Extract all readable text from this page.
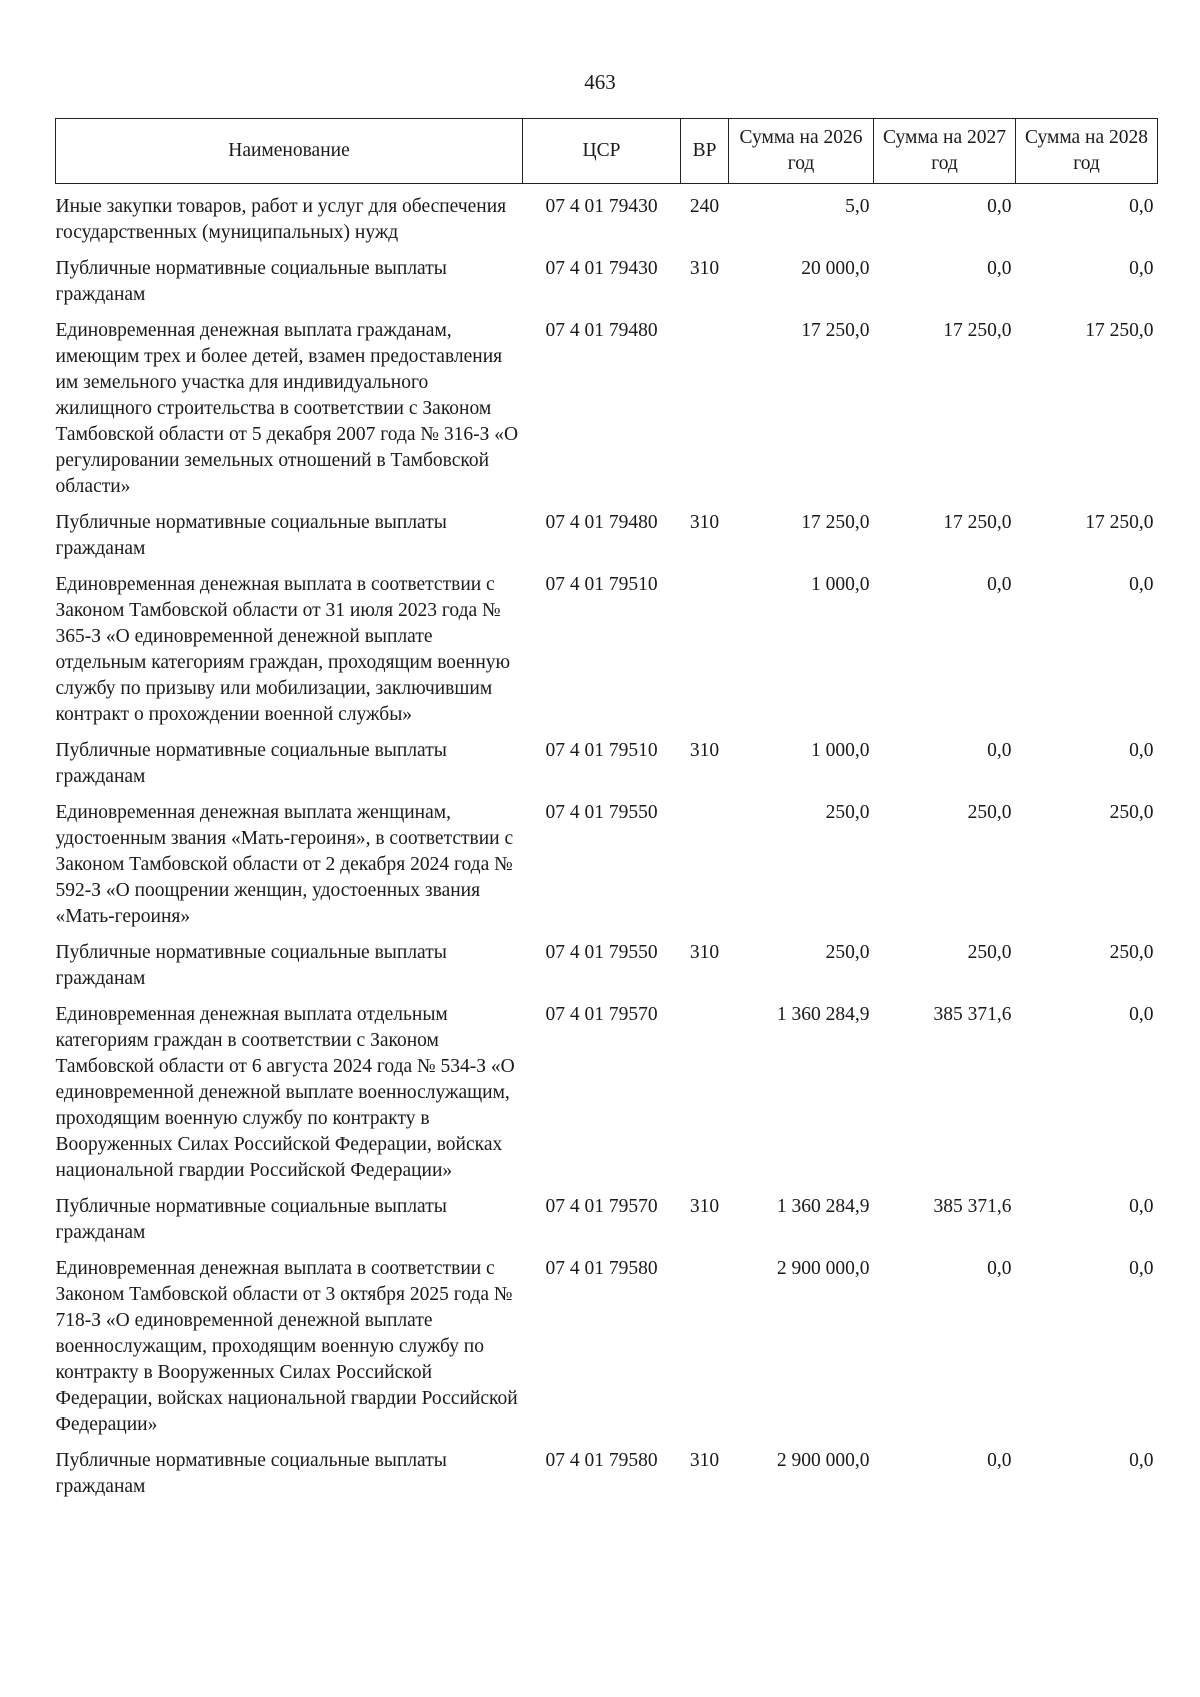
463
Наименование	ЦСР	ВР	Сумма на 2026 год	Сумма на 2027 год	Сумма на 2028 год
Иные закупки товаров, работ и услуг для обеспечения государственных (муниципальных) нужд	07 4 01 79430	240	5,0	0,0	0,0
Публичные нормативные социальные выплаты гражданам	07 4 01 79430	310	20 000,0	0,0	0,0
Единовременная денежная выплата гражданам, имеющим трех и более детей, взамен предоставления им земельного участка для индивидуального жилищного строительства в соответствии с Законом Тамбовской области от 5 декабря 2007 года № 316-З «О регулировании земельных отношений в Тамбовской области»	07 4 01 79480		17 250,0	17 250,0	17 250,0
Публичные нормативные социальные выплаты гражданам	07 4 01 79480	310	17 250,0	17 250,0	17 250,0
Единовременная денежная выплата в соответствии с Законом Тамбовской области от 31 июля 2023 года № 365-З «О единовременной денежной выплате отдельным категориям граждан, проходящим военную службу по призыву или мобилизации, заключившим контракт о прохождении военной службы»	07 4 01 79510		1 000,0	0,0	0,0
Публичные нормативные социальные выплаты гражданам	07 4 01 79510	310	1 000,0	0,0	0,0
Единовременная денежная выплата женщинам, удостоенным звания «Мать-героиня», в соответствии с Законом Тамбовской области от 2 декабря 2024 года № 592-З «О поощрении женщин, удостоенных звания «Мать-героиня»	07 4 01 79550		250,0	250,0	250,0
Публичные нормативные социальные выплаты гражданам	07 4 01 79550	310	250,0	250,0	250,0
Единовременная денежная выплата отдельным категориям граждан в соответствии с Законом Тамбовской области от 6 августа 2024 года № 534-З «О единовременной денежной выплате военнослужащим, проходящим военную службу по контракту в Вооруженных Силах Российской Федерации, войсках национальной гвардии Российской Федерации»	07 4 01 79570		1 360 284,9	385 371,6	0,0
Публичные нормативные социальные выплаты гражданам	07 4 01 79570	310	1 360 284,9	385 371,6	0,0
Единовременная денежная выплата в соответствии с Законом Тамбовской области от 3 октября 2025 года № 718-З «О единовременной денежной выплате военнослужащим, проходящим военную службу по контракту в Вооруженных Силах Российской Федерации, войсках национальной гвардии Российской Федерации»	07 4 01 79580		2 900 000,0	0,0	0,0
Публичные нормативные социальные выплаты гражданам	07 4 01 79580	310	2 900 000,0	0,0	0,0
